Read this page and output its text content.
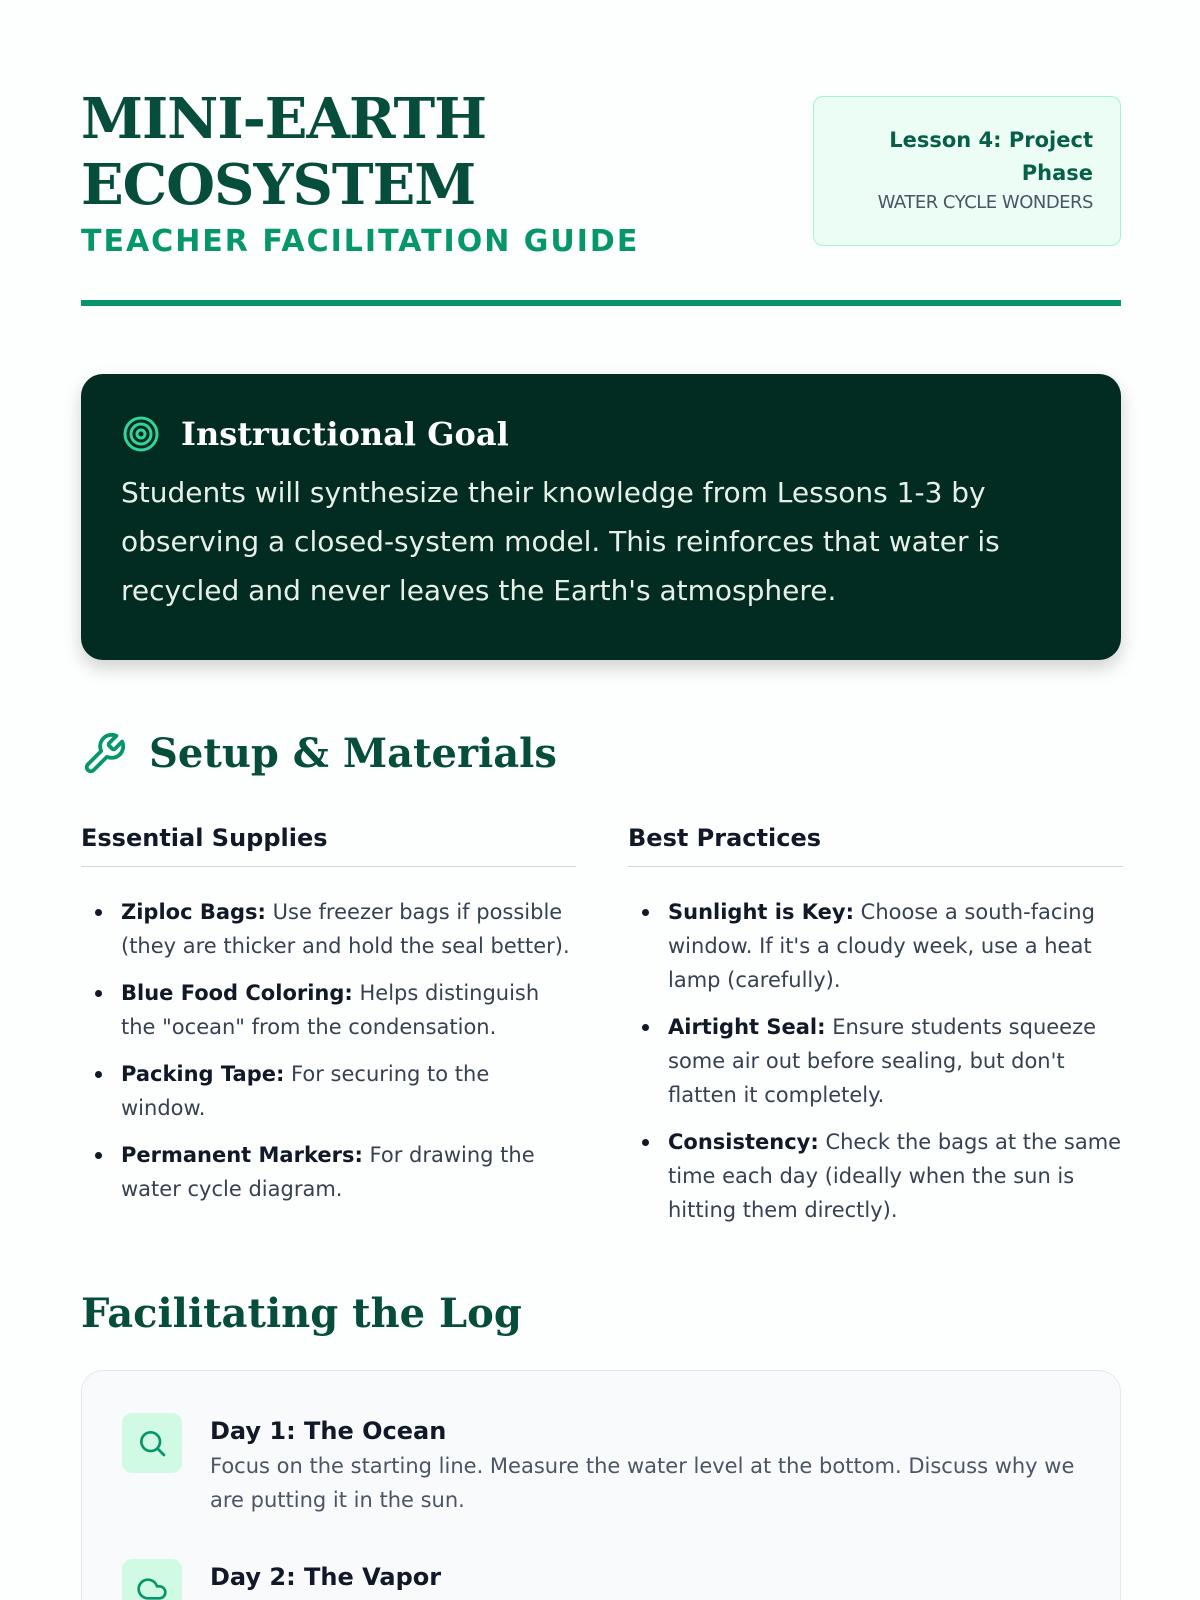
MINI-EARTH
ECOSYSTEM
TEACHER FACILITATION GUIDE
Lesson 4: Project
Phase
WATER CYCLE WONDERS
Instructional Goal
Students will synthesize their knowledge from Lessons 1-3 by observing a closed-system model. This reinforces that water is recycled and never leaves the Earth's atmosphere.
Setup & Materials
Essential Supplies
Ziploc Bags: Use freezer bags if possible (they are thicker and hold the seal better).
Blue Food Coloring: Helps distinguish the "ocean" from the condensation.
Packing Tape: For securing to the window.
Permanent Markers: For drawing the water cycle diagram.
Best Practices
Sunlight is Key: Choose a south-facing window. If it's a cloudy week, use a heat lamp (carefully).
Airtight Seal: Ensure students squeeze some air out before sealing, but don't flatten it completely.
Consistency: Check the bags at the same time each day (ideally when the sun is hitting them directly).
Facilitating the Log
Day 1: The Ocean
Focus on the starting line. Measure the water level at the bottom. Discuss why we are putting it in the sun.
Day 2: The Vapor
